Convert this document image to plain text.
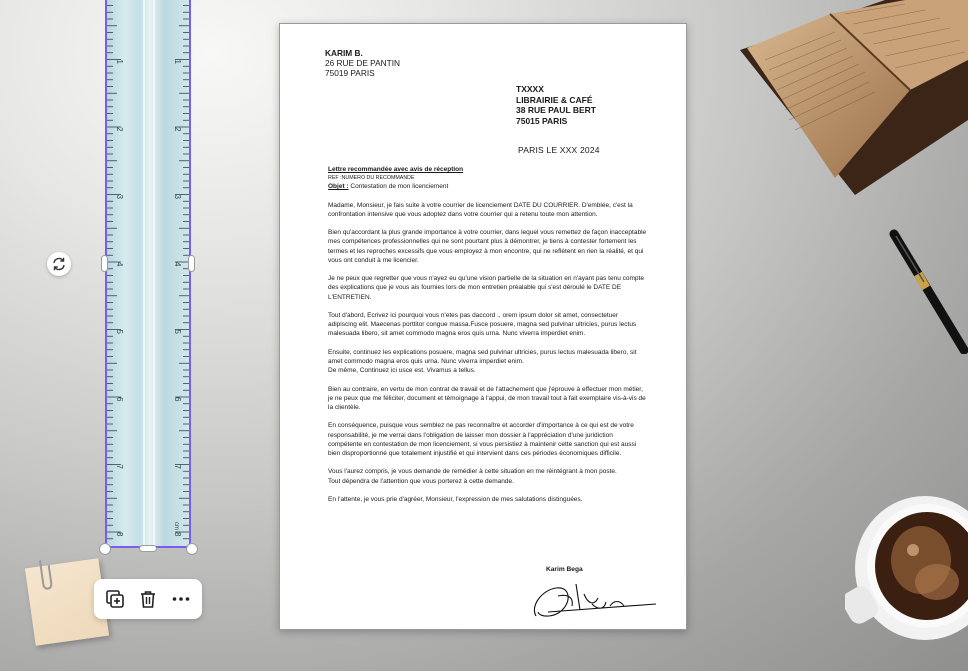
KARIM B.
26 RUE DE PANTIN
75019 PARIS
TXXXX
LIBRAIRIE & CAFÉ
38 RUE PAUL BERT
75015 PARIS
PARIS LE XXX 2024

Lettre recommandée avec avis de réception

REF :NUMERO DU RECOMMANDE

Objet : Contestation de mon licenciement

Madame, Monsieur, je fais suite à votre courrier de licenciement DATE DU COURRIER. D'emblée, c'est la confrontation intensive que vous adoptez dans votre courrier qui a retenu toute mon attention.

Bien qu'accordant la plus grande importance à votre courrier, dans lequel vous remettez de façon inacceptable mes compétences professionnelles qui ne sont pourtant plus à démontrer, je tiens à contester fortement les termes et les reproches excessifs que vous employez à mon encontre, qui ne reflètent en rien la réalité, et qui vous ont conduit à me licencier.

Je ne peux que regretter que vous n'ayez eu qu'une vision partielle de la situation en n'ayant pas tenu compte des explications que je vous ais fournies lors de mon entretien préalable qui s'est déroulé le DATE DE L'ENTRETIEN.

Tout d'abord, Ecrivez ici pourquoi vous n'etes pas daccord ., orem ipsum dolor sit amet, consectetuer adipiscing elit. Maecenas porttitor congue massa.Fusce posuere, magna sed pulvinar ultricies, purus lectus malesuada libero, sit amet commodo magna eros quis urna. Nunc viverra imperdiet enim.

Ensuite, continuez les explications posuere, magna sed pulvinar ultricies, purus lectus malesuada libero, sit amet commodo magna eros quis urna. Nunc viverra imperdiet enim.

De même, Continuez ici usce est. Vivamus a tellus.

Bien au contraire, en vertu de mon contrat de travail et de l'attachement que j'éprouve à effectuer mon métier, je ne peux que me féliciter, document et témoignage à l'appui, de mon travail tout à fait exemplaire vis-à-vis de la clientèle.

En conséquence, puisque vous semblez ne pas reconnaître et accorder d'importance à ce qui est de votre responsabilité, je me verrai dans l'obligation de laisser mon dossier à l'appréciation d'une juridiction compétente en contestation de mon licenciement, si vous persistiez à maintenir cette sanction qui est aussi bien disproportionné que totalement injustifié et qui intervient dans ces périodes économiques difficile.

Vous l'aurez compris, je vous demande de remédier à cette situation en me réintégrant à mon poste.

Tout dépendra de l'attention que vous porterez à cette demande.

En l'attente, je vous prie d'agréer, Monsieur, l'expression de mes salutations distinguées.

Karim Bega
1
1
2
2
3
3
4
4
5
5
6
6
7
7
8
8
cm
